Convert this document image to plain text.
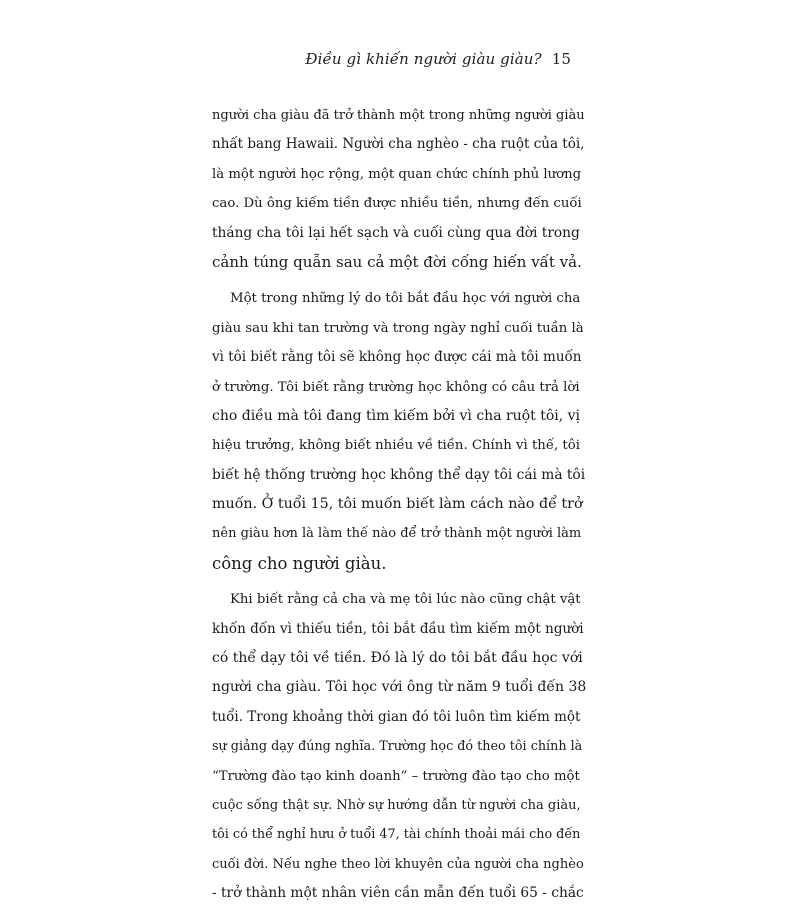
Điều gì khiến người giàu giàu? 15
người cha giàu đã trở thành một trong những người giàu
nhất bang Hawaii. Người cha nghèo - cha ruột của tôi,
là một người học rộng, một quan chức chính phủ lương
cao. Dù ông kiếm tiền được nhiều tiền, nhưng đến cuối
tháng cha tôi lại hết sạch và cuối cùng qua đời trong
cảnh túng quẫn sau cả một đời cống hiến vất vả.
Một trong những lý do tôi bắt đầu học với người cha
giàu sau khi tan trường và trong ngày nghỉ cuối tuần là
vì tôi biết rằng tôi sẽ không học được cái mà tôi muốn
ở trường. Tôi biết rằng trường học không có câu trả lời
cho điều mà tôi đang tìm kiếm bởi vì cha ruột tôi, vị
hiệu trưởng, không biết nhiều về tiền. Chính vì thế, tôi
biết hệ thống trường học không thể dạy tôi cái mà tôi
muốn. Ở tuổi 15, tôi muốn biết làm cách nào để trở
nên giàu hơn là làm thế nào để trở thành một người làm
công cho người giàu.
Khi biết rằng cả cha và mẹ tôi lúc nào cũng chật vật
khốn đốn vì thiếu tiền, tôi bắt đầu tìm kiếm một người
có thể dạy tôi về tiền. Đó là lý do tôi bắt đầu học với
người cha giàu. Tôi học với ông từ năm 9 tuổi đến 38
tuổi. Trong khoảng thời gian đó tôi luôn tìm kiếm một
sự giảng dạy đúng nghĩa. Trường học đó theo tôi chính là
“Trường đào tạo kinh doanh” – trường đào tạo cho một
cuộc sống thật sự. Nhờ sự hướng dẫn từ người cha giàu,
tôi có thể nghỉ hưu ở tuổi 47, tài chính thoải mái cho đến
cuối đời. Nếu nghe theo lời khuyên của người cha nghèo
- trở thành một nhân viên cần mẫn đến tuổi 65 - chắc
